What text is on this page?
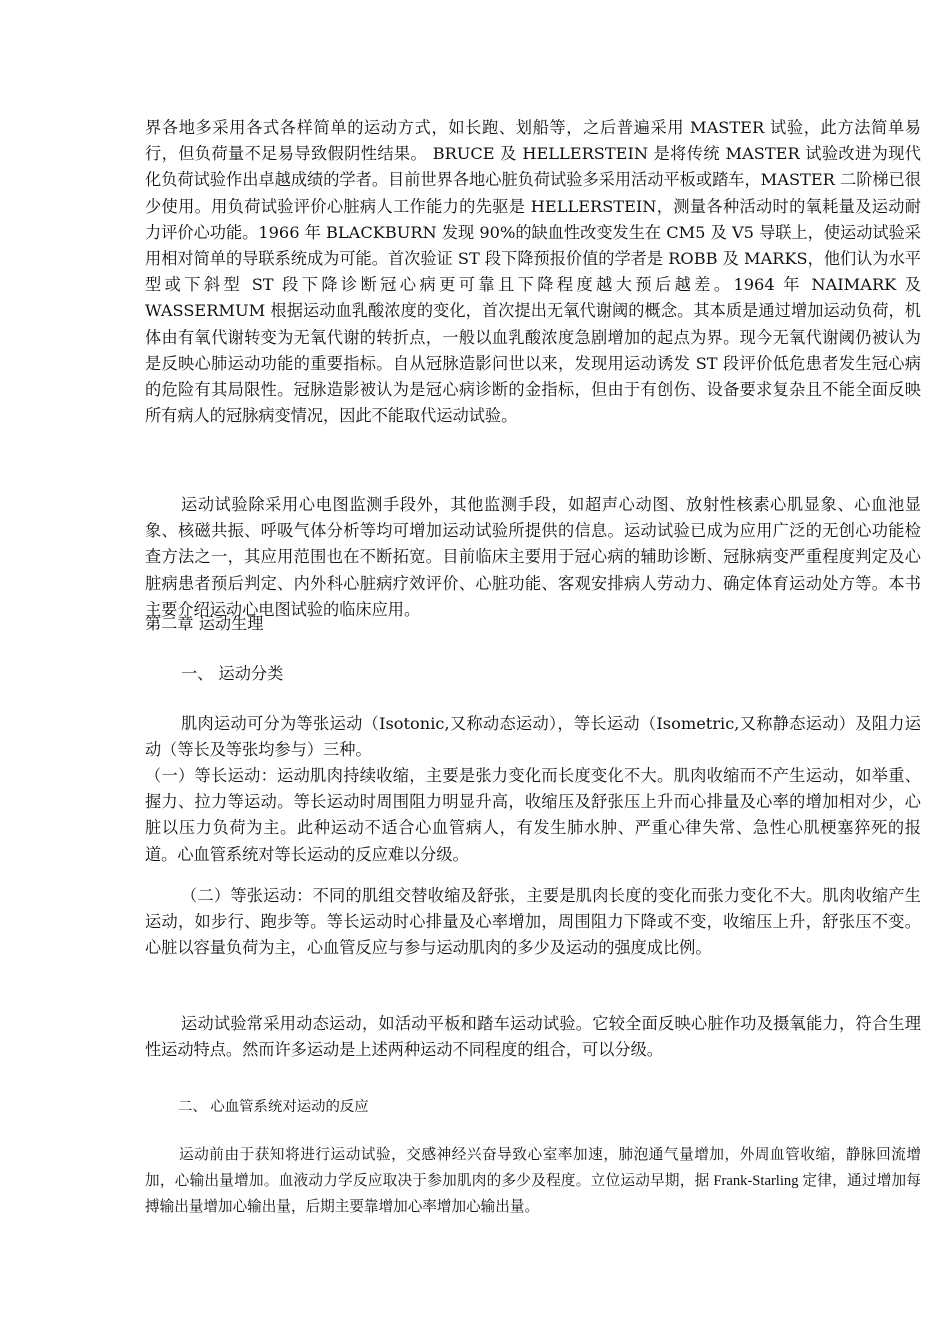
界各地多采用各式各样简单的运动方式，如长跑、划船等，之后普遍采用 MASTER 试验，此方法简单易行，但负荷量不足易导致假阴性结果。 BRUCE 及 HELLERSTEIN 是将传统 MASTER 试验改进为现代化负荷试验作出卓越成绩的学者。目前世界各地心脏负荷试验多采用活动平板或踏车，MASTER 二阶梯已很少使用。用负荷试验评价心脏病人工作能力的先驱是 HELLERSTEIN，测量各种活动时的氧耗量及运动耐力评价心功能。1966 年 BLACKBURN 发现 90%的缺血性改变发生在 CM5 及 V5 导联上，使运动试验采用相对简单的导联系统成为可能。首次验证 ST 段下降预报价值的学者是 ROBB 及 MARKS，他们认为水平型或下斜型 ST 段下降诊断冠心病更可靠且下降程度越大预后越差。1964 年 NAIMARK 及 WASSERMUM 根据运动血乳酸浓度的变化，首次提出无氧代谢阈的概念。其本质是通过增加运动负荷，机体由有氧代谢转变为无氧代谢的转折点，一般以血乳酸浓度急剧增加的起点为界。现今无氧代谢阈仍被认为是反映心肺运动功能的重要指标。自从冠脉造影问世以来，发现用运动诱发 ST 段评价低危患者发生冠心病的危险有其局限性。冠脉造影被认为是冠心病诊断的金指标，但由于有创伤、设备要求复杂且不能全面反映所有病人的冠脉病变情况，因此不能取代运动试验。

运动试验除采用心电图监测手段外，其他监测手段，如超声心动图、放射性核素心肌显象、心血池显象、核磁共振、呼吸气体分析等均可增加运动试验所提供的信息。运动试验已成为应用广泛的无创心功能检查方法之一，其应用范围也在不断拓宽。目前临床主要用于冠心病的辅助诊断、冠脉病变严重程度判定及心脏病患者预后判定、内外科心脏病疗效评价、心脏功能、客观安排病人劳动力、确定体育运动处方等。本书主要介绍运动心电图试验的临床应用。

第二章 运动生理
一、 运动分类

肌肉运动可分为等张运动（Isotonic,又称动态运动），等长运动（Isometric,又称静态运动）及阻力运动（等长及等张均参与）三种。

（一）等长运动：运动肌肉持续收缩，主要是张力变化而长度变化不大。肌肉收缩而不产生运动，如举重、握力、拉力等运动。等长运动时周围阻力明显升高，收缩压及舒张压上升而心排量及心率的增加相对少，心脏以压力负荷为主。此种运动不适合心血管病人，有发生肺水肿、严重心律失常、急性心肌梗塞猝死的报道。心血管系统对等长运动的反应难以分级。

（二）等张运动：不同的肌组交替收缩及舒张，主要是肌肉长度的变化而张力变化不大。肌肉收缩产生运动，如步行、跑步等。等长运动时心排量及心率增加，周围阻力下降或不变，收缩压上升，舒张压不变。心脏以容量负荷为主，心血管反应与参与运动肌肉的多少及运动的强度成比例。

运动试验常采用动态运动，如活动平板和踏车运动试验。它较全面反映心脏作功及摄氧能力，符合生理性运动特点。然而许多运动是上述两种运动不同程度的组合，可以分级。

二、 心血管系统对运动的反应

运动前由于获知将进行运动试验，交感神经兴奋导致心室率加速，肺泡通气量增加，外周血管收缩，静脉回流增加，心输出量增加。血液动力学反应取决于参加肌肉的多少及程度。立位运动早期，据 Frank-Starling 定律，通过增加每搏输出量增加心输出量，后期主要靠增加心率增加心输出量。
